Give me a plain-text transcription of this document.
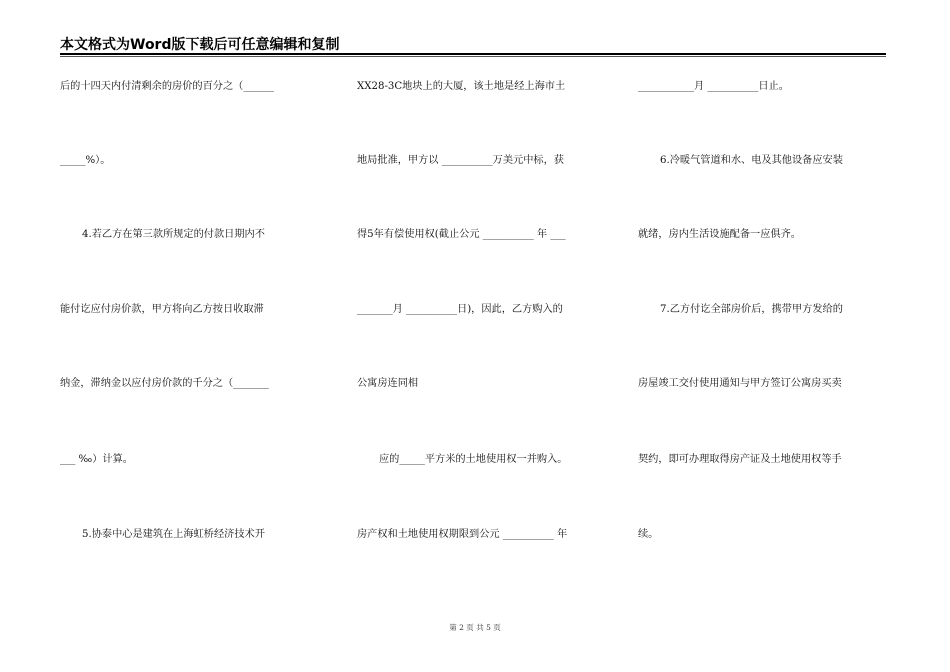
本文格式为Word版下载后可任意编辑和复制
后的十四天内付清剩余的房价的百分之（______
_____%）。
4.若乙方在第三款所规定的付款日期内不
能付讫应付房价款，甲方将向乙方按日收取滞
纳金，滞纳金以应付房价款的千分之（_______
___ ‰）计算。
5.协泰中心是建筑在上海虹桥经济技术开
XX28-3C地块上的大厦，该土地是经上海市土
地局批准，甲方以 __________万美元中标，获
得5年有偿使用权(截止公元 __________ 年 ___
_______月 __________日)，因此，乙方购入的
公寓房连同相
应的_____平方米的土地使用权一并购入。
房产权和土地使用权期限到公元 __________ 年
___________月 __________日止。
6.冷暖气管道和水、电及其他设备应安装
就绪，房内生活设施配备一应俱齐。
7.乙方付讫全部房价后，携带甲方发给的
房屋竣工交付使用通知与甲方签订公寓房买卖
契约，即可办理取得房产证及土地使用权等手
续。
第 2 页 共 5 页
